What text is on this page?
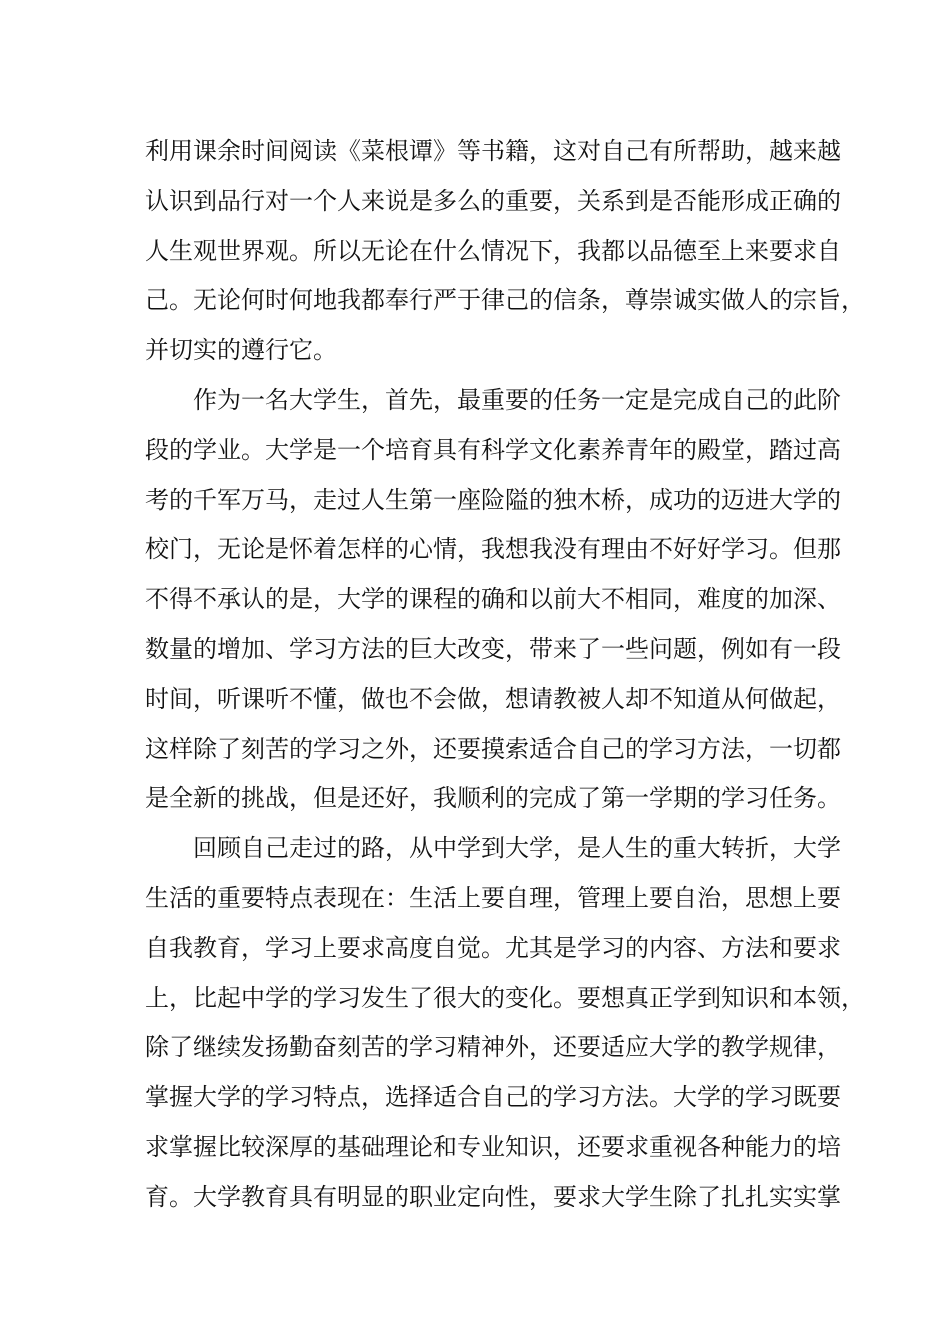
利用课余时间阅读《菜根谭》等书籍，这对自己有所帮助，越来越
认识到品行对一个人来说是多么的重要，关系到是否能形成正确的
人生观世界观。所以无论在什么情况下，我都以品德至上来要求自
己。无论何时何地我都奉行严于律己的信条，尊崇诚实做人的宗旨，
并切实的遵行它。
作为一名大学生，首先，最重要的任务一定是完成自己的此阶
段的学业。大学是一个培育具有科学文化素养青年的殿堂，踏过高
考的千军万马，走过人生第一座险隘的独木桥，成功的迈进大学的
校门，无论是怀着怎样的心情，我想我没有理由不好好学习。但那
不得不承认的是，大学的课程的确和以前大不相同，难度的加深、
数量的增加、学习方法的巨大改变，带来了一些问题，例如有一段
时间，听课听不懂，做也不会做，想请教被人却不知道从何做起，
这样除了刻苦的学习之外，还要摸索适合自己的学习方法，一切都
是全新的挑战，但是还好，我顺利的完成了第一学期的学习任务。
回顾自己走过的路，从中学到大学，是人生的重大转折，大学
生活的重要特点表现在：生活上要自理，管理上要自治，思想上要
自我教育，学习上要求高度自觉。尤其是学习的内容、方法和要求
上，比起中学的学习发生了很大的变化。要想真正学到知识和本领，
除了继续发扬勤奋刻苦的学习精神外，还要适应大学的教学规律，
掌握大学的学习特点，选择适合自己的学习方法。大学的学习既要
求掌握比较深厚的基础理论和专业知识，还要求重视各种能力的培
育。大学教育具有明显的职业定向性，要求大学生除了扎扎实实掌
